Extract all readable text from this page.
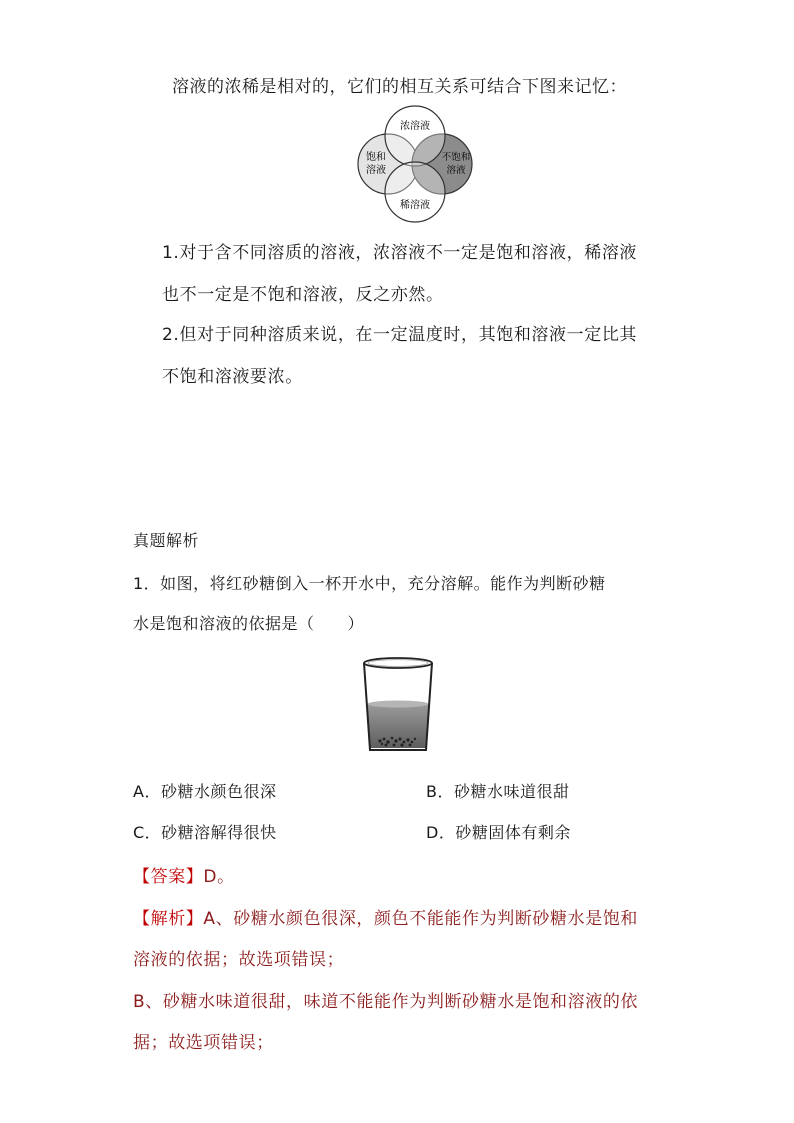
溶液的浓稀是相对的，它们的相互关系可结合下图来记忆：
浓溶液
饱和
溶液
不饱和
溶液
稀溶液
1.对于含不同溶质的溶液，浓溶液不一定是饱和溶液，稀溶液
也不一定是不饱和溶液，反之亦然。
2.但对于同种溶质来说，在一定温度时，其饱和溶液一定比其
不饱和溶液要浓。
真题解析
1．如图，将红砂糖倒入一杯开水中，充分溶解。能作为判断砂糖
水是饱和溶液的依据是（　　）
A．砂糖水颜色很深	B．砂糖水味道很甜
C．砂糖溶解得很快	D．砂糖固体有剩余
【答案】D。
【解析】A、砂糖水颜色很深，颜色不能能作为判断砂糖水是饱和
溶液的依据；故选项错误；
B、砂糖水味道很甜，味道不能能作为判断砂糖水是饱和溶液的依
据；故选项错误；
